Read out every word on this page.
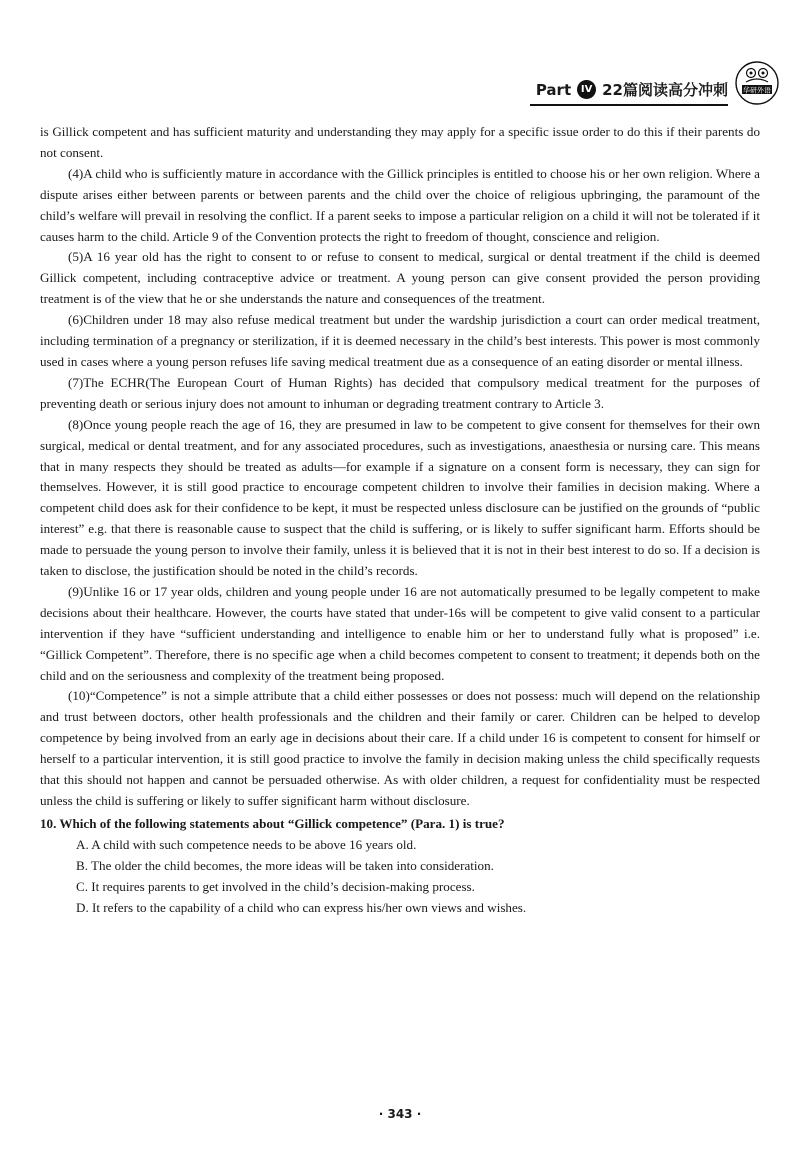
Part IV 22篇阅读高分冲刺 华研外语

is Gillick competent and has sufficient maturity and understanding they may apply for a specific issue order to do this if their parents do not consent.

(4)A child who is sufficiently mature in accordance with the Gillick principles is entitled to choose his or her own religion. Where a dispute arises either between parents or between parents and the child over the choice of religious upbringing, the paramount of the child’s welfare will prevail in resolving the conflict. If a parent seeks to impose a particular religion on a child it will not be tolerated if it causes harm to the child. Article 9 of the Convention protects the right to freedom of thought, conscience and religion.

(5)A 16 year old has the right to consent to or refuse to consent to medical, surgical or dental treatment if the child is deemed Gillick competent, including contraceptive advice or treatment. A young person can give consent provided the person providing treatment is of the view that he or she understands the nature and consequences of the treatment.

(6)Children under 18 may also refuse medical treatment but under the wardship jurisdiction a court can order medical treatment, including termination of a pregnancy or sterilization, if it is deemed necessary in the child’s best interests. This power is most commonly used in cases where a young person refuses life saving medical treatment due as a consequence of an eating disorder or mental illness.

(7)The ECHR(The European Court of Human Rights) has decided that compulsory medical treatment for the purposes of preventing death or serious injury does not amount to inhuman or degrading treatment contrary to Article 3.

(8)Once young people reach the age of 16, they are presumed in law to be competent to give consent for themselves for their own surgical, medical or dental treatment, and for any associated procedures, such as investigations, anaesthesia or nursing care. This means that in many respects they should be treated as adults—for example if a signature on a consent form is necessary, they can sign for themselves. However, it is still good practice to encourage competent children to involve their families in decision making. Where a competent child does ask for their confidence to be kept, it must be respected unless disclosure can be justified on the grounds of “public interest” e.g. that there is reasonable cause to suspect that the child is suffering, or is likely to suffer significant harm. Efforts should be made to persuade the young person to involve their family, unless it is believed that it is not in their best interest to do so. If a decision is taken to disclose, the justification should be noted in the child’s records.

(9)Unlike 16 or 17 year olds, children and young people under 16 are not automatically presumed to be legally competent to make decisions about their healthcare. However, the courts have stated that under-16s will be competent to give valid consent to a particular intervention if they have “sufficient understanding and intelligence to enable him or her to understand fully what is proposed” i.e. “Gillick Competent”. Therefore, there is no specific age when a child becomes competent to consent to treatment; it depends both on the child and on the seriousness and complexity of the treatment being proposed.

(10)“Competence” is not a simple attribute that a child either possesses or does not possess: much will depend on the relationship and trust between doctors, other health professionals and the children and their family or carer. Children can be helped to develop competence by being involved from an early age in decisions about their care. If a child under 16 is competent to consent for himself or herself to a particular intervention, it is still good practice to involve the family in decision making unless the child specifically requests that this should not happen and cannot be persuaded otherwise. As with older children, a request for confidentiality must be respected unless the child is suffering or likely to suffer significant harm without disclosure.

10. Which of the following statements about “Gillick competence” (Para. 1) is true?

A. A child with such competence needs to be above 16 years old.
B. The older the child becomes, the more ideas will be taken into consideration.
C. It requires parents to get involved in the child’s decision-making process.
D. It refers to the capability of a child who can express his/her own views and wishes.

· 343 ·
